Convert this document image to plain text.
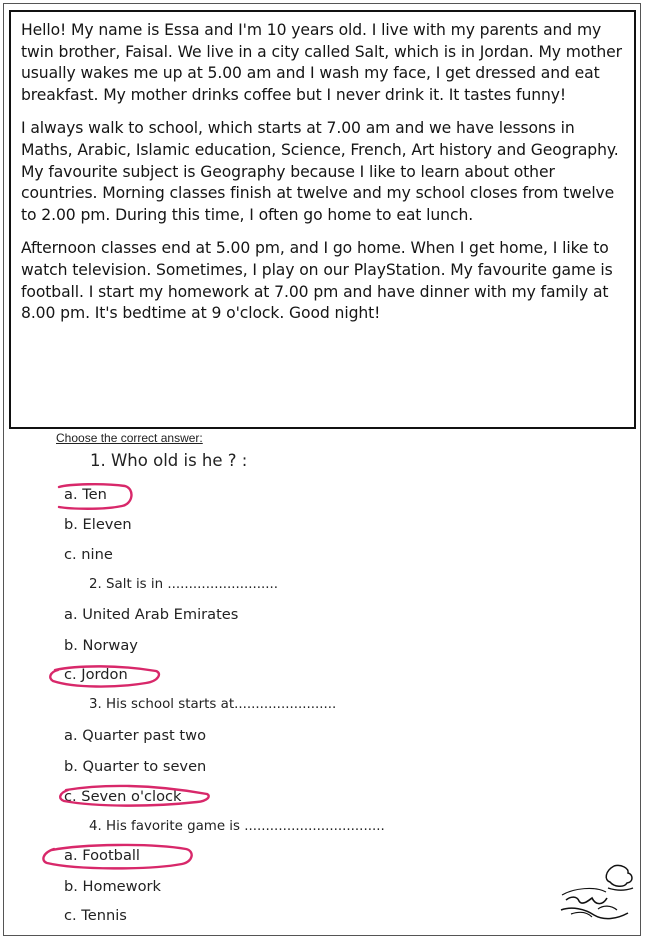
Hello! My name is Essa and I'm 10 years old. I live with my parents and my twin brother, Faisal. We live in a city called Salt, which is in Jordan. My mother usually wakes me up at 5.00 am and I wash my face, I get dressed and eat breakfast. My mother drinks coffee but I never drink it. It tastes funny!

I always walk to school, which starts at 7.00 am and we have lessons in Maths, Arabic, Islamic education, Science, French, Art history and Geography. My favourite subject is Geography because I like to learn about other countries. Morning classes finish at twelve and my school closes from twelve to 2.00 pm. During this time, I often go home to eat lunch.

Afternoon classes end at 5.00 pm, and I go home. When I get home, I like to watch television. Sometimes, I play on our PlayStation. My favourite game is football. I start my homework at 7.00 pm and have dinner with my family at 8.00 pm. It's bedtime at 9 o'clock. Good night!

Choose the correct answer:
1. Who old is he ? :
a. Ten
b. Eleven
c. nine
2. Salt is in ..........................
a. United Arab Emirates
b. Norway
c. Jordon
3. His school starts at........................
a. Quarter past two
b. Quarter to seven
c. Seven o'clock
4. His favorite game is .................................
a. Football
b. Homework
c. Tennis
